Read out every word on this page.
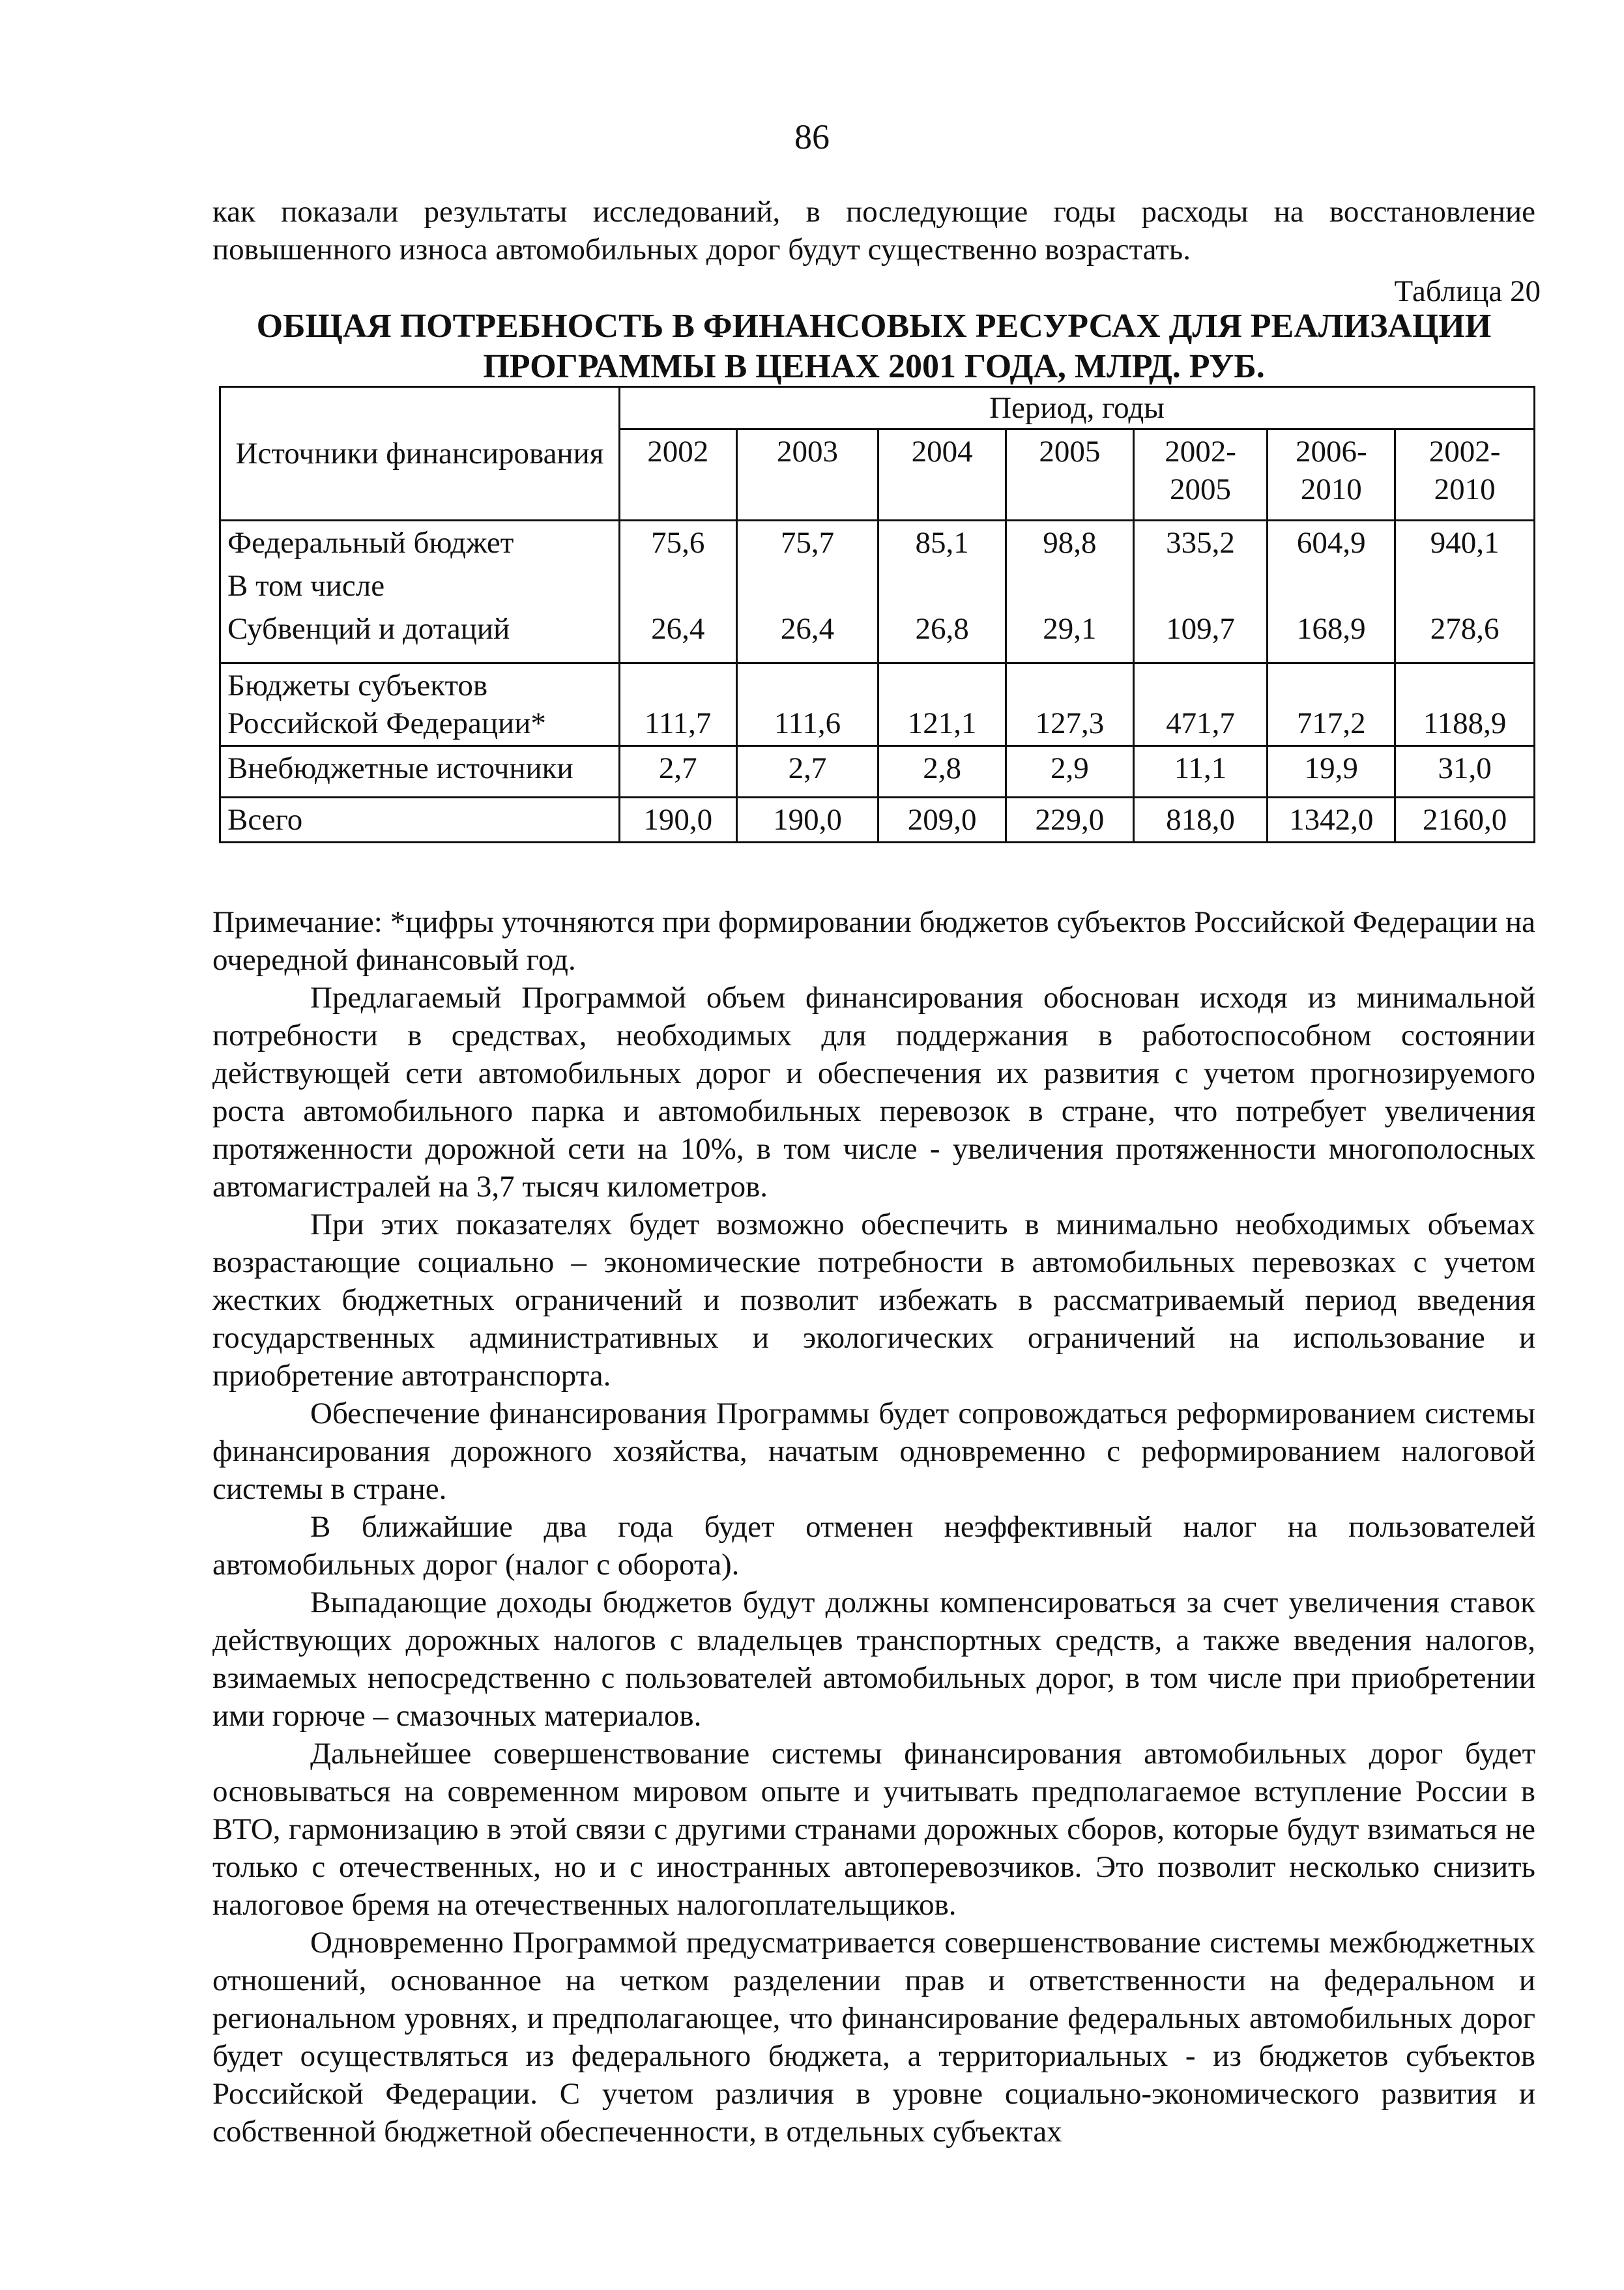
86

как показали результаты исследований, в последующие годы расходы на восстановление повышенного износа автомобильных дорог будут существенно возрастать.

Таблица 20
ОБЩАЯ ПОТРЕБНОСТЬ В ФИНАНСОВЫХ РЕСУРСАХ ДЛЯ РЕАЛИЗАЦИИ ПРОГРАММЫ В ЦЕНАХ 2001 ГОДА, МЛРД. РУБ.
Источники финансирования	Период, годы						
	2002	2003	2004	2005	2002-2005	2006-2010	2002-2010
Федеральный бюджет	75,6	75,7	85,1	98,8	335,2	604,9	940,1
В том числе							
Субвенций и дотаций	26,4	26,4	26,8	29,1	109,7	168,9	278,6
Бюджеты субъектов Российской Федерации*	111,7	111,6	121,1	127,3	471,7	717,2	1188,9
Внебюджетные источники	2,7	2,7	2,8	2,9	11,1	19,9	31,0
Всего	190,0	190,0	209,0	229,0	818,0	1342,0	2160,0

Примечание: *цифры уточняются при формировании бюджетов субъектов Российской Федерации на очередной финансовый год.

Предлагаемый Программой объем финансирования обоснован исходя из минимальной потребности в средствах, необходимых для поддержания в работоспособном состоянии действующей сети автомобильных дорог и обеспечения их развития с учетом прогнозируемого роста автомобильного парка и автомобильных перевозок в стране, что потребует увеличения протяженности дорожной сети на 10%, в том числе - увеличения протяженности многополосных автомагистралей на 3,7 тысяч километров.

При этих показателях будет возможно обеспечить в минимально необходимых объемах возрастающие социально – экономические потребности в автомобильных перевозках с учетом жестких бюджетных ограничений и позволит избежать в рассматриваемый период введения государственных административных и экологических ограничений на использование и приобретение автотранспорта.

Обеспечение финансирования Программы будет сопровождаться реформированием системы финансирования дорожного хозяйства, начатым одновременно с реформированием налоговой системы в стране.

В ближайшие два года будет отменен неэффективный налог на пользователей автомобильных дорог (налог с оборота).

Выпадающие доходы бюджетов будут должны компенсироваться за счет увеличения ставок действующих дорожных налогов с владельцев транспортных средств, а также введения налогов, взимаемых непосредственно с пользователей автомобильных дорог, в том числе при приобретении ими горюче – смазочных материалов.

Дальнейшее совершенствование системы финансирования автомобильных дорог будет основываться на современном мировом опыте и учитывать предполагаемое вступление России в ВТО, гармонизацию в этой связи с другими странами дорожных сборов, которые будут взиматься не только с отечественных, но и с иностранных автоперевозчиков. Это позволит несколько снизить налоговое бремя на отечественных налогоплательщиков.

Одновременно Программой предусматривается совершенствование системы межбюджетных отношений, основанное на четком разделении прав и ответственности на федеральном и региональном уровнях, и предполагающее, что финансирование федеральных автомобильных дорог будет осуществляться из федерального бюджета, а территориальных - из бюджетов субъектов Российской Федерации. С учетом различия в уровне социально-экономического развития и собственной бюджетной обеспеченности, в отдельных субъектах
